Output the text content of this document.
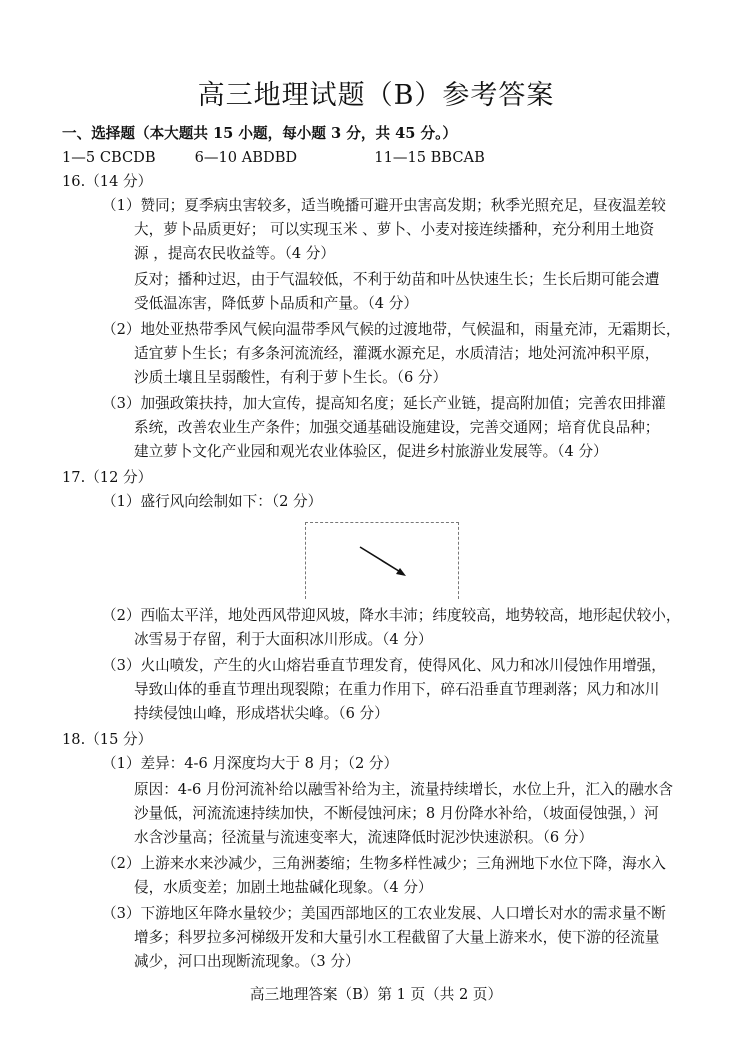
高三地理试题（B）参考答案
一、选择题（本大题共 15 小题，每小题 3 分，共 45 分。）
1—5 CBCDB	6—10 ABDBD	11—15 BBCAB
16.（14 分）
（1）赞同；夏季病虫害较多，适当晚播可避开虫害高发期；秋季光照充足，昼夜温差较
大，萝卜品质更好； 可以实现玉米 、萝卜、小麦对接连续播种，充分利用土地资
源 ，提高农民收益等。（4 分）
反对；播种过迟，由于气温较低，不利于幼苗和叶丛快速生长；生长后期可能会遭
受低温冻害，降低萝卜品质和产量。（4 分）
（2）地处亚热带季风气候向温带季风气候的过渡地带，气候温和，雨量充沛，无霜期长，
适宜萝卜生长；有多条河流流经，灌溉水源充足，水质清洁；地处河流冲积平原，
沙质土壤且呈弱酸性，有利于萝卜生长。（6 分）
（3）加强政策扶持，加大宣传，提高知名度；延长产业链，提高附加值；完善农田排灌
系统，改善农业生产条件；加强交通基础设施建设，完善交通网；培育优良品种；
建立萝卜文化产业园和观光农业体验区，促进乡村旅游业发展等。（4 分）
17.（12 分）
（1）盛行风向绘制如下：（2 分）
（2）西临太平洋，地处西风带迎风坡，降水丰沛；纬度较高，地势较高，地形起伏较小，
冰雪易于存留，利于大面积冰川形成。（4 分）
（3）火山喷发，产生的火山熔岩垂直节理发育，使得风化、风力和冰川侵蚀作用增强，
导致山体的垂直节理出现裂隙；在重力作用下，碎石沿垂直节理剥落；风力和冰川
持续侵蚀山峰，形成塔状尖峰。（6 分）
18.（15 分）
（1）差异：4-6 月深度均大于 8 月；（2 分）
原因：4-6 月份河流补给以融雪补给为主，流量持续增长，水位上升，汇入的融水含
沙量低，河流流速持续加快，不断侵蚀河床；8 月份降水补给，（坡面侵蚀强，）河
水含沙量高；径流量与流速变率大，流速降低时泥沙快速淤积。（6 分）
（2）上游来水来沙减少，三角洲萎缩；生物多样性减少；三角洲地下水位下降，海水入
侵，水质变差；加剧土地盐碱化现象。（4 分）
（3）下游地区年降水量较少；美国西部地区的工农业发展、人口增长对水的需求量不断
增多；科罗拉多河梯级开发和大量引水工程截留了大量上游来水，使下游的径流量
减少，河口出现断流现象。（3 分）
高三地理答案（B）第 1 页（共 2 页）
